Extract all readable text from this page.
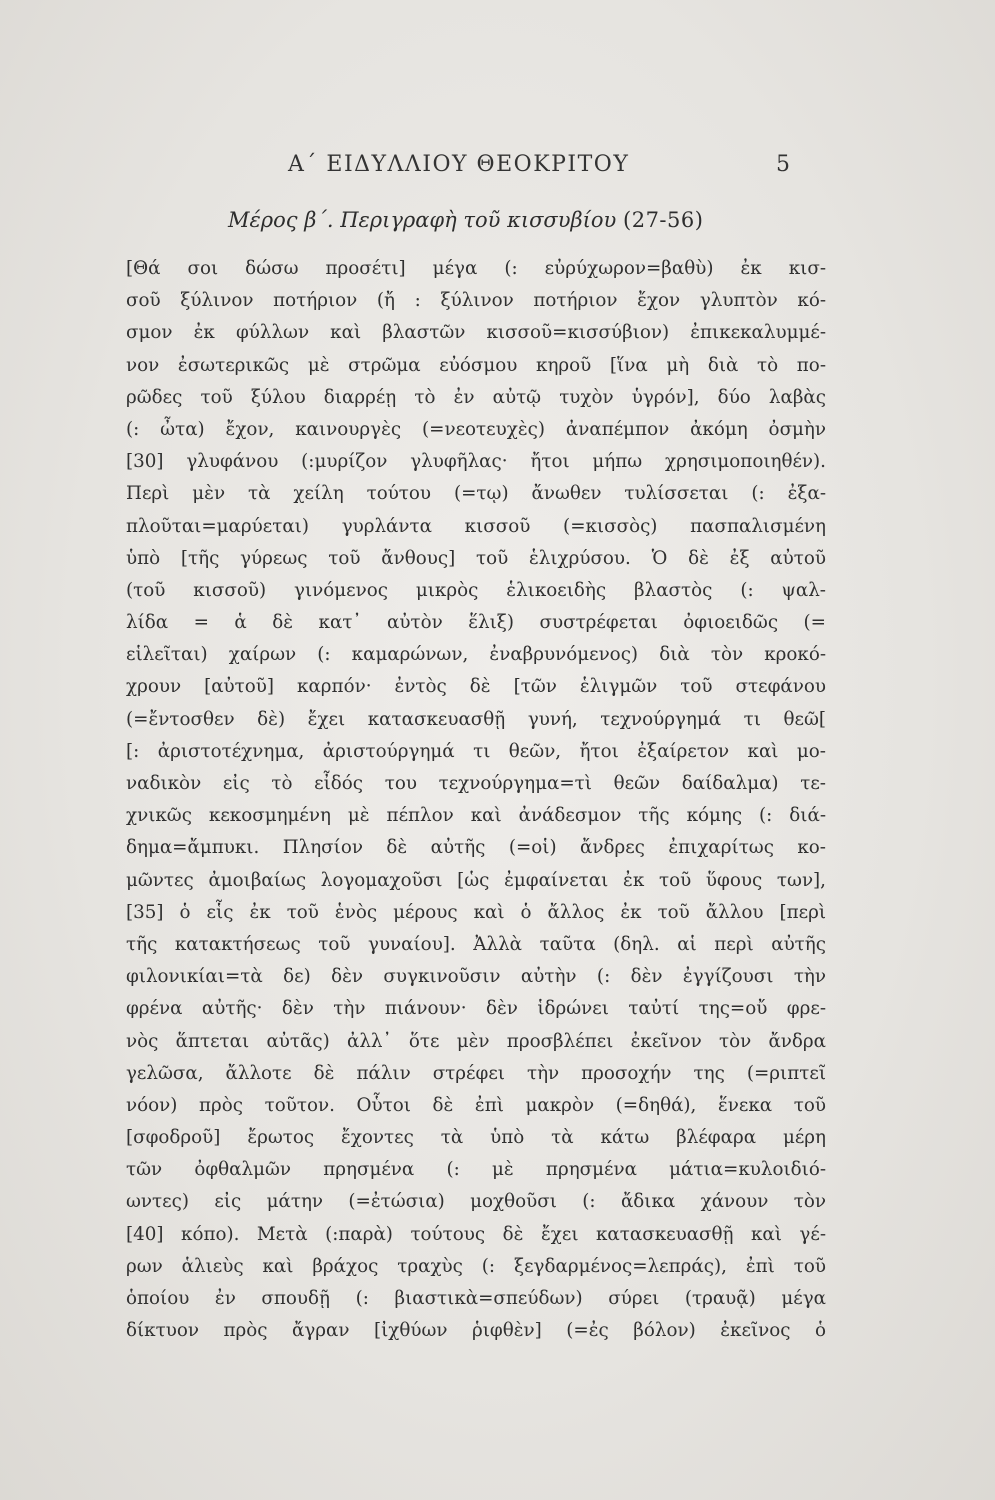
Α΄ ΕΙΔΥΛΛΙΟΥ ΘΕΟΚΡΙΤΟΥ	5
Μέρος β΄. Περιγραφὴ τοῦ κισσυβίου (27-56)
[Θά σοι δώσω προσέτι] μέγα (: εὐρύχωρον=βαθὺ) ἐκ κισ-
σοῦ ξύλινον ποτήριον (ἤ : ξύλινον ποτήριον ἔχον γλυπτὸν κό-
σμον ἐκ φύλλων καὶ βλαστῶν κισσοῦ=κισσύβιον) ἐπικεκαλυμμέ-
νον ἐσωτερικῶς μὲ στρῶμα εὐόσμου κηροῦ [ἵνα μὴ διὰ τὸ πο-
ρῶδες τοῦ ξύλου διαρρέῃ τὸ ἐν αὐτῷ τυχὸν ὑγρόν], δύο λαβὰς
(: ὦτα) ἔχον, καινουργὲς (=νεοτευχὲς) ἀναπέμπον ἀκόμη ὀσμὴν
[30] γλυφάνου (:μυρίζον γλυφῆλας· ἤτοι μήπω χρησιμοποιηθέν).
Περὶ μὲν τὰ χείλη τούτου (=τῳ) ἄνωθεν τυλίσσεται (: ἐξα-
πλοῦται=μαρύεται) γυρλάντα κισσοῦ (=κισσὸς) πασπαλισμένη
ὑπὸ [τῆς γύρεως τοῦ ἄνθους] τοῦ ἑλιχρύσου. Ὁ δὲ ἐξ αὐτοῦ
(τοῦ κισσοῦ) γινόμενος μικρὸς ἑλικοειδὴς βλαστὸς (: ψαλ-
λίδα = ἁ δὲ κατ᾽ αὐτὸν ἕλιξ) συστρέφεται ὀφιοειδῶς (=
εἱλεῖται) χαίρων (: καμαρώνων, ἐναβρυνόμενος) διὰ τὸν κροκό-
χρουν [αὐτοῦ] καρπόν· ἐντὸς δὲ [τῶν ἑλιγμῶν τοῦ στεφάνου
(=ἔντοσθεν δὲ) ἔχει κατασκευασθῇ γυνή, τεχνούργημά τι θεῶ[
[: ἀριστοτέχνημα, ἀριστούργημά τι θεῶν, ἤτοι ἐξαίρετον καὶ μο-
ναδικὸν εἰς τὸ εἶδός του τεχνούργημα=τὶ θεῶν δαίδαλμα) τε-
χνικῶς κεκοσμημένη μὲ πέπλον καὶ ἀνάδεσμον τῆς κόμης (: διά-
δημα=ἄμπυκι. Πλησίον δὲ αὐτῆς (=οἱ) ἄνδρες ἐπιχαρίτως κο-
μῶντες ἀμοιβαίως λογομαχοῦσι [ὡς ἐμφαίνεται ἐκ τοῦ ὕφους των],
[35] ὁ εἷς ἐκ τοῦ ἑνὸς μέρους καὶ ὁ ἄλλος ἐκ τοῦ ἄλλου [περὶ
τῆς κατακτήσεως τοῦ γυναίου]. Ἀλλὰ ταῦτα (δηλ. αἱ περὶ αὐτῆς
φιλονικίαι=τὰ δε) δὲν συγκινοῦσιν αὐτὴν (: δὲν ἐγγίζουσι τὴν
φρένα αὐτῆς· δὲν τὴν πιάνουν· δὲν ἱδρώνει ταὐτί της=οὔ φρε-
νὸς ἅπτεται αὐτᾶς) ἀλλ᾽ ὅτε μὲν προσβλέπει ἐκεῖνον τὸν ἄνδρα
γελῶσα, ἄλλοτε δὲ πάλιν στρέφει τὴν προσοχήν της (=ριπτεῖ
νόον) πρὸς τοῦτον. Οὗτοι δὲ ἐπὶ μακρὸν (=δηθά), ἕνεκα τοῦ
[σφοδροῦ] ἔρωτος ἔχοντες τὰ ὑπὸ τὰ κάτω βλέφαρα μέρη
τῶν ὀφθαλμῶν πρησμένα (: μὲ πρησμένα μάτια=κυλοιδιό-
ωντες) εἰς μάτην (=ἐτώσια) μοχθοῦσι (: ἄδικα χάνουν τὸν
[40] κόπο). Μετὰ (:παρὰ) τούτους δὲ ἔχει κατασκευασθῇ καὶ γέ-
ρων ἁλιεὺς καὶ βράχος τραχὺς (: ξεγδαρμένος=λεπράς), ἐπὶ τοῦ
ὁποίου ἐν σπουδῇ (: βιαστικὰ=σπεύδων) σύρει (τραυᾷ) μέγα
δίκτυον πρὸς ἄγραν [ἰχθύων ῥιφθὲν] (=ἐς βόλον) ἐκεῖνος ὁ
